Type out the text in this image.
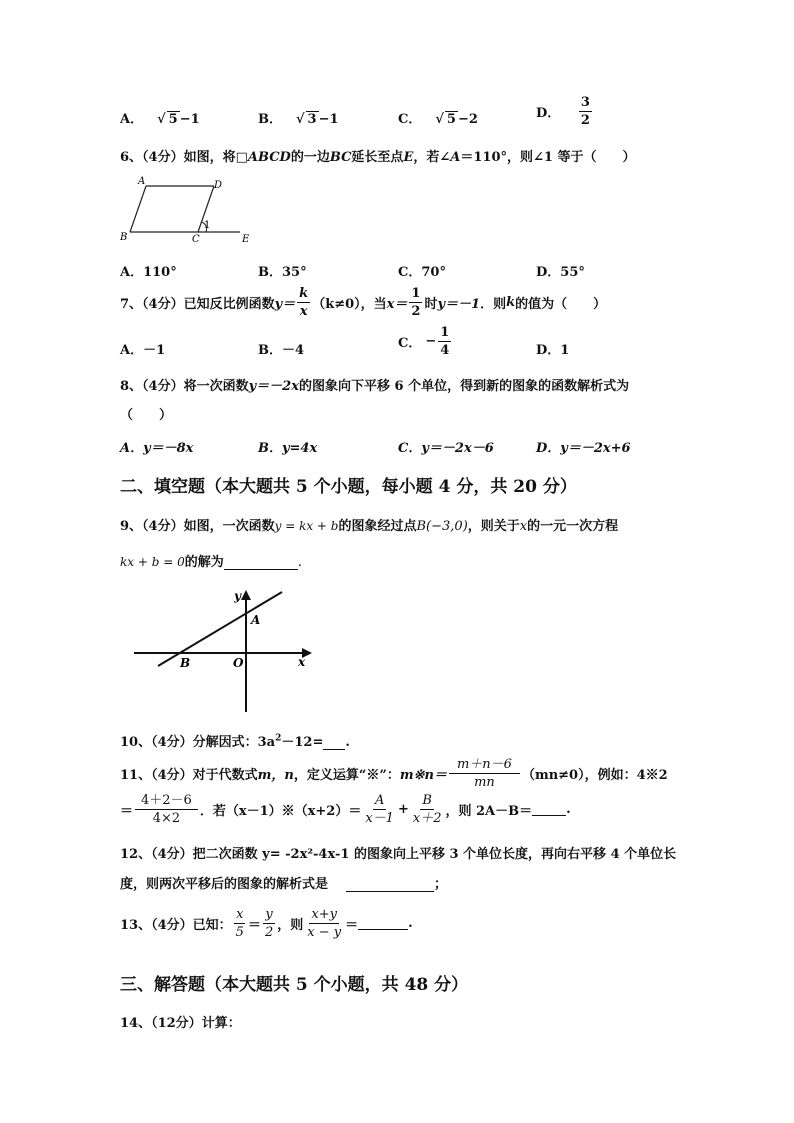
A． √ 5 −1	B． √ 3 −1	C． √ 5 −2	D． $\frac{3}{2}$
6、（4分）如图，将□ABCD的一边BC延长至点E，若∠A＝110°，则∠1 等于（　　）
A	D
B	C	E
1
A．110°	B．35°	C．70°	D．55°
7、（4分）已知反比例函数$y= \frac{k}{x} (k\ne 0)$，当$x= \frac{1}{2}$ 时y＝－1．则k的值为（　　）
A．－1	B．－4	C． − $\frac{1}{4}$	D．1
8、（4分）将一次函数y＝－2x的图象向下平移 6 个单位，得到新的图象的函数解析式为
（　　）
A．y＝－8x	B．y=4x	C．y＝－2x－6	D．y＝－2x+6
二、填空题（本大题共 5 个小题，每小题 4 分，共 20 分）
9、（4分）如图，一次函数y = kx + b的图象经过点B(−3,0)，则关于x的一元一次方程
kx + b = 0的解为	.
y
x
A
B	O
10、（4分）分解因式：$3a^2-12=$ .
11、（4分）对于代数式m，n，定义运算“※”：m※n＝ $\frac{m+n-6}{mn} (mn\ne 0)$，例如：4※2
＝ $\frac{4+2-6}{4\times 2}$ ．若（x－1）※（x+2）＝ $\frac{A}{x-1} + \frac{B}{x+2}$ ，则 2A－B＝	.
12、（4分）把二次函数 y= -2x²-4x-1 的图象向上平移 3 个单位长度，再向右平移 4 个单位长
度，则两次平移后的图象的解析式是	；
13、（4分）已知： $\frac{x}{5} = \frac{y}{2}$ ，则 $\frac{x+y}{x - y}$ ＝	.
三、解答题（本大题共 5 个小题，共 48 分）
14、（12分）计算：
